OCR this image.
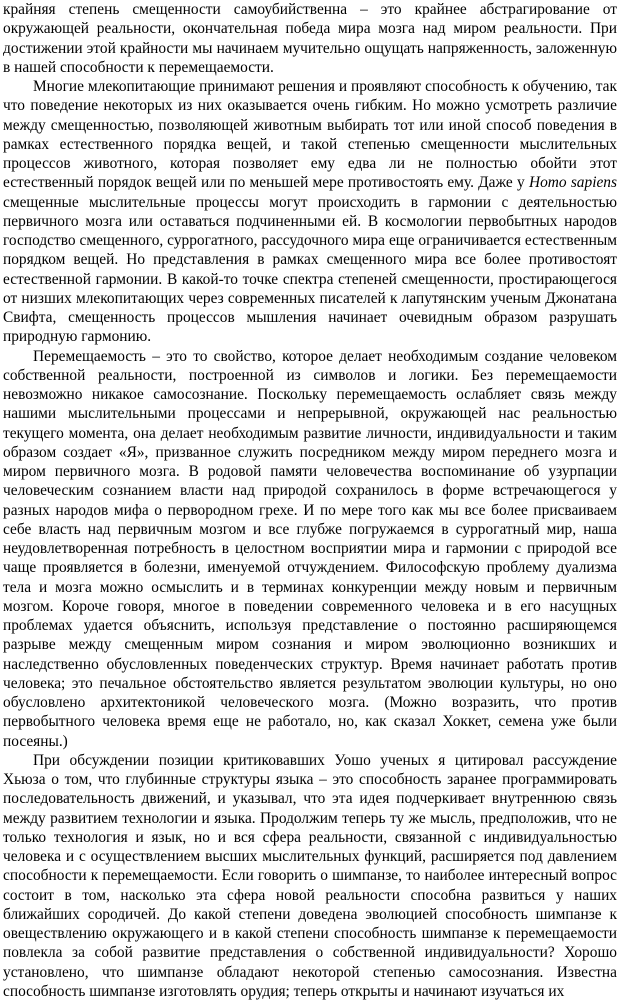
крайняя степень смещенности самоубийственна – это крайнее абстрагирование от окружающей реальности, окончательная победа мира мозга над миром реальности. При достижении этой крайности мы начинаем мучительно ощущать напряженность, заложенную в нашей способности к перемещаемости.

Многие млекопитающие принимают решения и проявляют способность к обучению, так что поведение некоторых из них оказывается очень гибким. Но можно усмотреть различие между смещенностью, позволяющей животным выбирать тот или иной способ поведения в рамках естественного порядка вещей, и такой степенью смещенности мыслительных процессов животного, которая позволяет ему едва ли не полностью обойти этот естественный порядок вещей или по меньшей мере противостоять ему. Даже у Homo sapiens смещенные мыслительные процессы могут происходить в гармонии с деятельностью первичного мозга или оставаться подчиненными ей. В космологии первобытных народов господство смещенного, суррогатного, рассудочного мира еще ограничивается естественным порядком вещей. Но представления в рамках смещенного мира все более противостоят естественной гармонии. В какой-то точке спектра степеней смещенности, простирающегося от низших млекопитающих через современных писателей к лапутянским ученым Джонатана Свифта, смещенность процессов мышления начинает очевидным образом разрушать природную гармонию.

Перемещаемость – это то свойство, которое делает необходимым создание человеком собственной реальности, построенной из символов и логики. Без перемещаемости невозможно никакое самосознание. Поскольку перемещаемость ослабляет связь между нашими мыслительными процессами и непрерывной, окружающей нас реальностью текущего момента, она делает необходимым развитие личности, индивидуальности и таким образом создает «Я», призванное служить посредником между миром переднего мозга и миром первичного мозга. В родовой памяти человечества воспоминание об узурпации человеческим сознанием власти над природой сохранилось в форме встречающегося у разных народов мифа о первородном грехе. И по мере того как мы все более присваиваем себе власть над первичным мозгом и все глубже погружаемся в суррогатный мир, наша неудовлетворенная потребность в целостном восприятии мира и гармонии с природой все чаще проявляется в болезни, именуемой отчуждением. Философскую проблему дуализма тела и мозга можно осмыслить и в терминах конкуренции между новым и первичным мозгом. Короче говоря, многое в поведении современного человека и в его насущных проблемах удается объяснить, используя представление о постоянно расширяющемся разрыве между смещенным миром сознания и миром эволюционно возникших и наследственно обусловленных поведенческих структур. Время начинает работать против человека; это печальное обстоятельство является результатом эволюции культуры, но оно обусловлено архитектоникой человеческого мозга. (Можно возразить, что против первобытного человека время еще не работало, но, как сказал Хоккет, семена уже были посеяны.)

При обсуждении позиции критиковавших Уошо ученых я цитировал рассуждение Хьюза о том, что глубинные структуры языка – это способность заранее программировать последовательность движений, и указывал, что эта идея подчеркивает внутреннюю связь между развитием технологии и языка. Продолжим теперь ту же мысль, предположив, что не только технология и язык, но и вся сфера реальности, связанной с индивидуальностью человека и с осуществлением высших мыслительных функций, расширяется под давлением способности к перемещаемости. Если говорить о шимпанзе, то наиболее интересный вопрос состоит в том, насколько эта сфера новой реальности способна развиться у наших ближайших сородичей. До какой степени доведена эволюцией способность шимпанзе к овеществлению окружающего и в какой степени способность шимпанзе к перемещаемости повлекла за собой развитие представления о собственной индивидуальности? Хорошо установлено, что шимпанзе обладают некоторой степенью самосознания. Известна способность шимпанзе изготовлять орудия; теперь открыты и начинают изучаться их
